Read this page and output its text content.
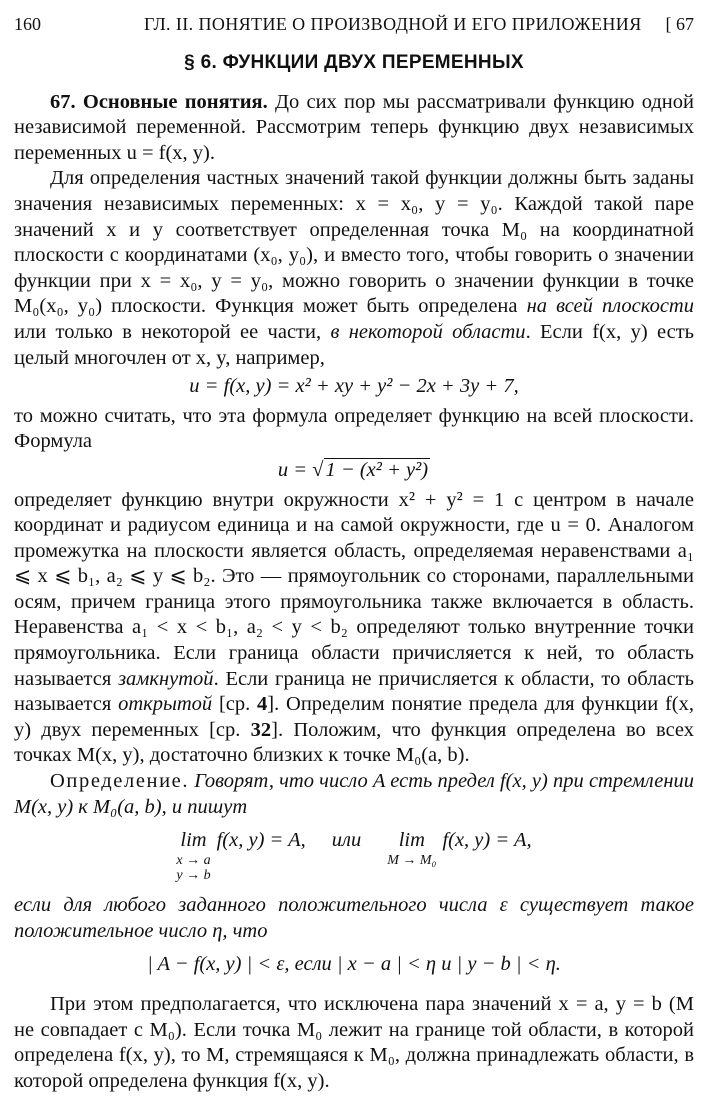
160	ГЛ. II. ПОНЯТИЕ О ПРОИЗВОДНОЙ И ЕГО ПРИЛОЖЕНИЯ [ 67
§ 6. ФУНКЦИИ ДВУХ ПЕРЕМЕННЫХ

67. Основные понятия. До сих пор мы рассматривали функцию одной независимой переменной. Рассмотрим теперь функцию двух независимых переменных u = f(x, y).

Для определения частных значений такой функции должны быть заданы значения независимых переменных: x = x₀, y = y₀. Каждой такой паре значений x и y соответствует определенная точка M₀ на координатной плоскости с координатами (x₀, y₀), и вместо того, чтобы говорить о значении функции при x = x₀, y = y₀, можно говорить о значении функции в точке M₀(x₀, y₀) плоскости. Функция может быть определена на всей плоскости или только в некоторой ее части, в некоторой области. Если f(x, y) есть целый многочлен от x, y, например,

u = f(x, y) = x² + xy + y² − 2x + 3y + 7,

то можно считать, что эта формула определяет функцию на всей плоскости. Формула

u = √1 − (x² + y²)

определяет функцию внутри окружности x² + y² = 1 с центром в начале координат и радиусом единица и на самой окружности, где u = 0. Аналогом промежутка на плоскости является область, определяемая неравенствами a₁ ⩽ x ⩽ b₁, a₂ ⩽ y ⩽ b₂. Это — прямоугольник со сторонами, параллельными осям, причем граница этого прямоугольника также включается в область. Неравенства a₁ < x < b₁, a₂ < y < b₂ определяют только внутренние точки прямоугольника. Если граница области причисляется к ней, то область называется замкнутой. Если граница не причисляется к области, то область называется открытой [ср. 4]. Определим понятие предела для функции f(x, y) двух переменных [ср. 32]. Положим, что функция определена во всех точках M(x, y), достаточно близких к точке M₀(a, b).

Определение. Говорят, что число A есть предел f(x, y) при стремлении M(x, y) к M₀(a, b), и пишут

lim
x → a
y → b
f(x, y) = A, или lim
M → M₀
f(x, y) = A,

если для любого заданного положительного числа ε существует такое положительное число η, что

| A − f(x, y) | < ε, если | x − a | < η и | y − b | < η.

При этом предполагается, что исключена пара значений x = a, y = b (M не совпадает с M₀). Если точка M₀ лежит на границе той области, в которой определена f(x, y), то M, стремящаяся к M₀, должна принадлежать области, в которой определена функция f(x, y).
